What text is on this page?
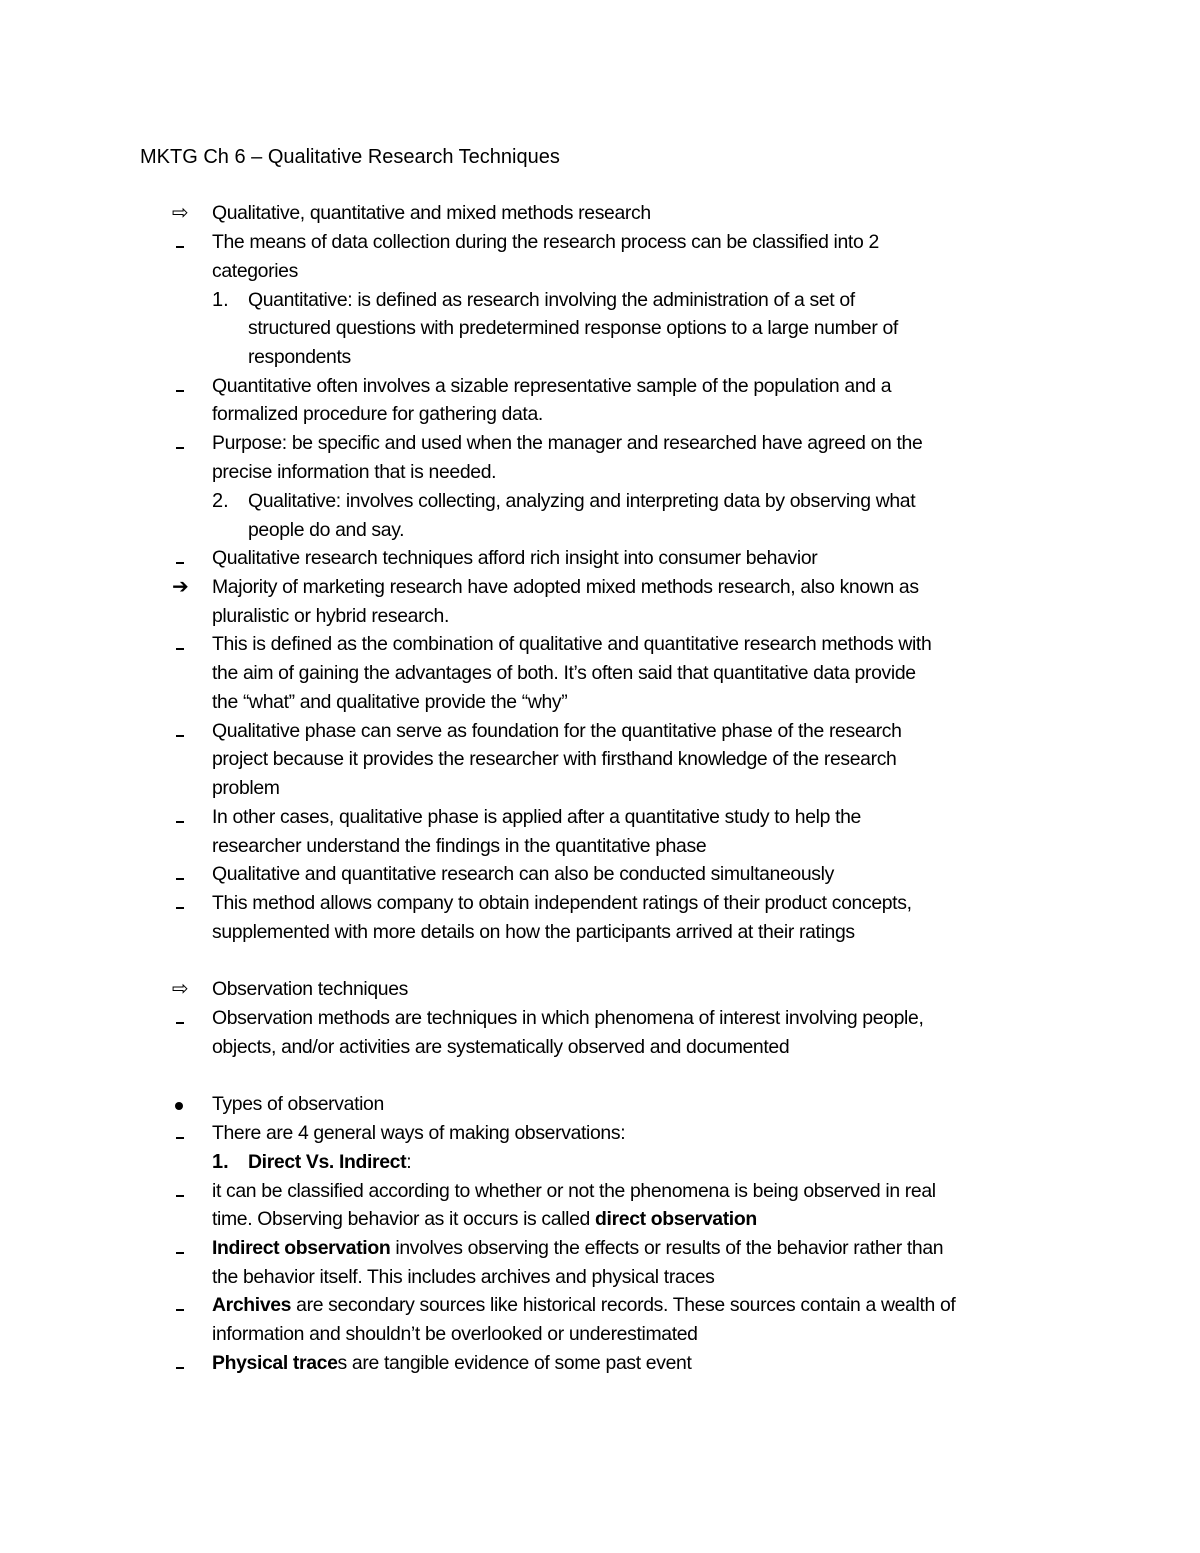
MKTG Ch 6 – Qualitative Research Techniques
⇨	Qualitative, quantitative and mixed methods research
The means of data collection during the research process can be classified into 2
categories
1. Quantitative: is defined as research involving the administration of a set of
structured questions with predetermined response options to a large number of
respondents
Quantitative often involves a sizable representative sample of the population and a
formalized procedure for gathering data.
Purpose: be specific and used when the manager and researched have agreed on the
precise information that is needed.
2. Qualitative: involves collecting, analyzing and interpreting data by observing what
people do and say.
Qualitative research techniques afford rich insight into consumer behavior
➔	Majority of marketing research have adopted mixed methods research, also known as
pluralistic or hybrid research.
This is defined as the combination of qualitative and quantitative research methods with
the aim of gaining the advantages of both. It’s often said that quantitative data provide
the “what” and qualitative provide the “why”
Qualitative phase can serve as foundation for the quantitative phase of the research
project because it provides the researcher with firsthand knowledge of the research
problem
In other cases, qualitative phase is applied after a quantitative study to help the
researcher understand the findings in the quantitative phase
Qualitative and quantitative research can also be conducted simultaneously
This method allows company to obtain independent ratings of their product concepts,
supplemented with more details on how the participants arrived at their ratings
⇨	Observation techniques
Observation methods are techniques in which phenomena of interest involving people,
objects, and/or activities are systematically observed and documented
Types of observation
There are 4 general ways of making observations:
1. Direct Vs. Indirect:
it can be classified according to whether or not the phenomena is being observed in real
time. Observing behavior as it occurs is called direct observation
Indirect observation involves observing the effects or results of the behavior rather than
the behavior itself. This includes archives and physical traces
Archives are secondary sources like historical records. These sources contain a wealth of
information and shouldn’t be overlooked or underestimated
Physical traces are tangible evidence of some past event
